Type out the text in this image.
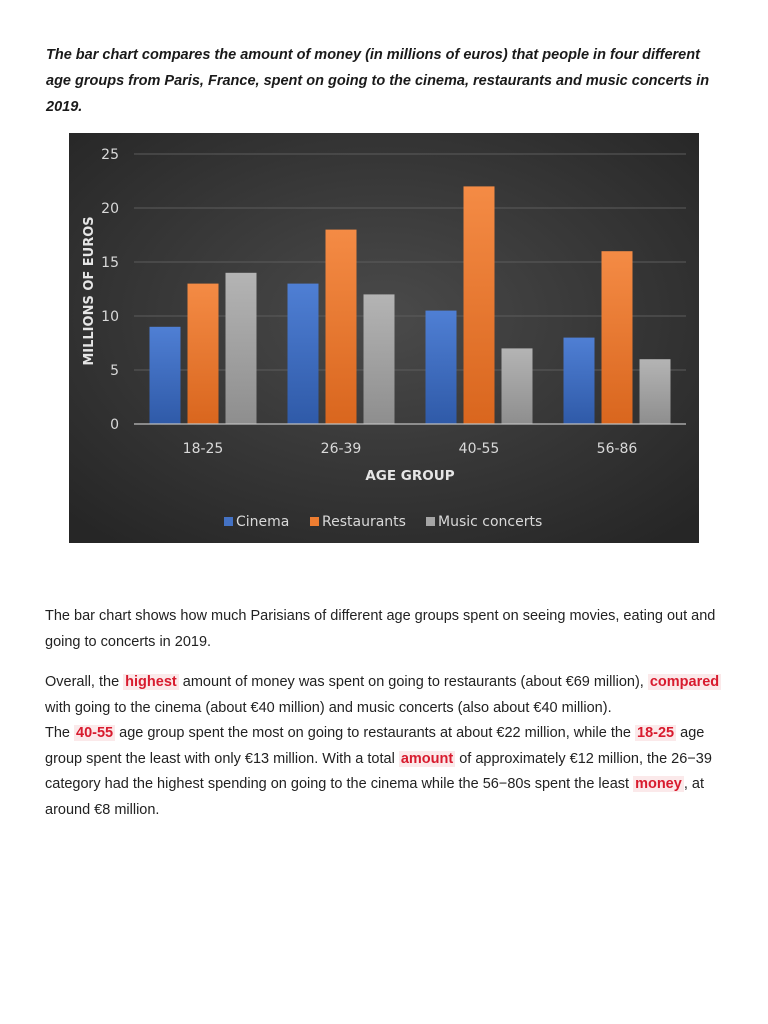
The bar chart compares the amount of money (in millions of euros) that people in four different age groups from Paris, France, spent on going to the cinema, restaurants and music concerts in 2019.

0
5
10
15
20
25
18-25	26-39	40-55	56-86
MILLIONS OF EUROS
AGE GROUP
Cinema Restaurants Music concerts

The bar chart shows how much Parisians of different age groups spent on seeing movies, eating out and going to concerts in 2019.

Overall, the highest amount of money was spent on going to restaurants (about €69 million), compared with going to the cinema (about €40 million) and music concerts (also about €40 million).
The 40-55 age group spent the most on going to restaurants at about €22 million, while the 18-25 age group spent the least with only €13 million. With a total amount of approximately €12 million, the 26−39 category had the highest spending on going to the cinema while the 56−80s spent the least money , at around €8 million.
